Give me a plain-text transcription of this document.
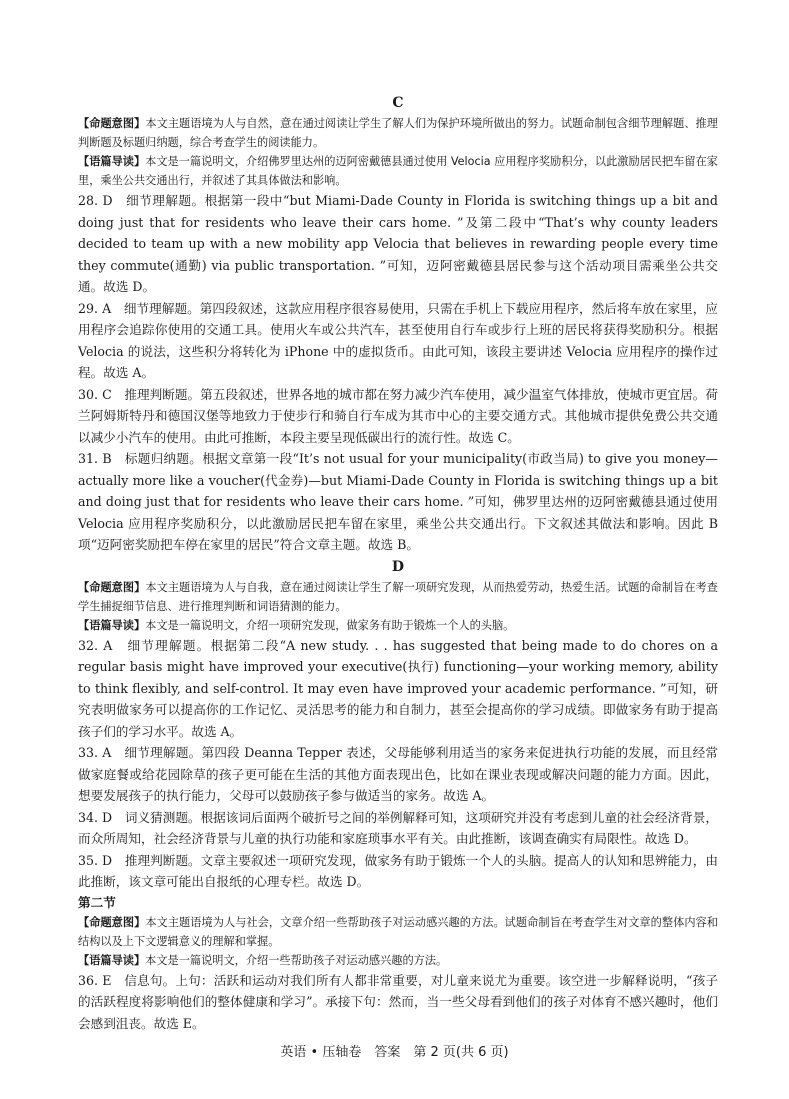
C
【命题意图】本文主题语境为人与自然，意在通过阅读让学生了解人们为保护环境所做出的努力。试题命制包含细节理解题、推理判断题及标题归纳题，综合考查学生的阅读能力。
【语篇导读】本文是一篇说明文，介绍佛罗里达州的迈阿密戴德县通过使用 Velocia 应用程序奖励积分，以此激励居民把车留在家里，乘坐公共交通出行，并叙述了其具体做法和影响。
28. D　 细节理解题。根据第一段中“but Miami-Dade County in Florida is switching things up a bit and doing just that for residents who leave their cars home. ”及第二段中“That’s why county leaders decided to team up with a new mobility app Velocia that believes in rewarding people every time they commute(通勤) via public transportation. ”可知，迈阿密戴德县居民参与这个活动项目需乘坐公共交通。故选 D。
29. A　 细节理解题。第四段叙述，这款应用程序很容易使用，只需在手机上下载应用程序，然后将车放在家里，应用程序会追踪你使用的交通工具。使用火车或公共汽车，甚至使用自行车或步行上班的居民将获得奖励积分。根据 Velocia 的说法，这些积分将转化为 iPhone 中的虚拟货币。由此可知，该段主要讲述 Velocia 应用程序的操作过程。故选 A。
30. C　 推理判断题。第五段叙述，世界各地的城市都在努力减少汽车使用，减少温室气体排放，使城市更宜居。荷兰阿姆斯特丹和德国汉堡等地致力于使步行和骑自行车成为其市中心的主要交通方式。其他城市提供免费公共交通以减少小汽车的使用。由此可推断，本段主要呈现低碳出行的流行性。故选 C。
31. B　 标题归纳题。根据文章第一段“It’s not usual for your municipality(市政当局) to give you money—actually more like a voucher(代金券)—but Miami-Dade County in Florida is switching things up a bit and doing just that for residents who leave their cars home. ”可知，佛罗里达州的迈阿密戴德县通过使用 Velocia 应用程序奖励积分，以此激励居民把车留在家里，乘坐公共交通出行。下文叙述其做法和影响。因此 B 项“迈阿密奖励把车停在家里的居民”符合文章主题。故选 B。
D
【命题意图】本文主题语境为人与自我，意在通过阅读让学生了解一项研究发现，从而热爱劳动，热爱生活。试题的命制旨在考查学生捕捉细节信息、进行推理判断和词语猜测的能力。
【语篇导读】本文是一篇说明文，介绍一项研究发现，做家务有助于锻炼一个人的头脑。
32. A　 细节理解题。根据第二段“A new study. . . has suggested that being made to do chores on a regular basis might have improved your executive(执行) functioning—your working memory, ability to think flexibly, and self-control. It may even have improved your academic performance. ”可知，研究表明做家务可以提高你的工作记忆、灵活思考的能力和自制力，甚至会提高你的学习成绩。即做家务有助于提高孩子们的学习水平。故选 A。
33. A　 细节理解题。第四段 Deanna Tepper 表述，父母能够利用适当的家务来促进执行功能的发展，而且经常做家庭餐或给花园除草的孩子更可能在生活的其他方面表现出色，比如在课业表现或解决问题的能力方面。因此，想要发展孩子的执行能力，父母可以鼓励孩子参与做适当的家务。故选 A。
34. D　 词义猜测题。根据该词后面两个破折号之间的举例解释可知，这项研究并没有考虑到儿童的社会经济背景，而众所周知，社会经济背景与儿童的执行功能和家庭琐事水平有关。由此推断，该调查确实有局限性。故选 D。
35. D　 推理判断题。文章主要叙述一项研究发现，做家务有助于锻炼一个人的头脑。提高人的认知和思辨能力，由此推断，该文章可能出自报纸的心理专栏。故选 D。
第二节
【命题意图】本文主题语境为人与社会，文章介绍一些帮助孩子对运动感兴趣的方法。试题命制旨在考查学生对文章的整体内容和结构以及上下文逻辑意义的理解和掌握。
【语篇导读】本文是一篇说明文，介绍一些帮助孩子对运动感兴趣的方法。
36. E　 信息句。上句：活跃和运动对我们所有人都非常重要，对儿童来说尤为重要。该空进一步解释说明，“孩子的活跃程度将影响他们的整体健康和学习”。承接下句：然而，当一些父母看到他们的孩子对体育不感兴趣时，他们会感到沮丧。故选 E。
英语 • 压轴卷　答案　第 2 页(共 6 页)
